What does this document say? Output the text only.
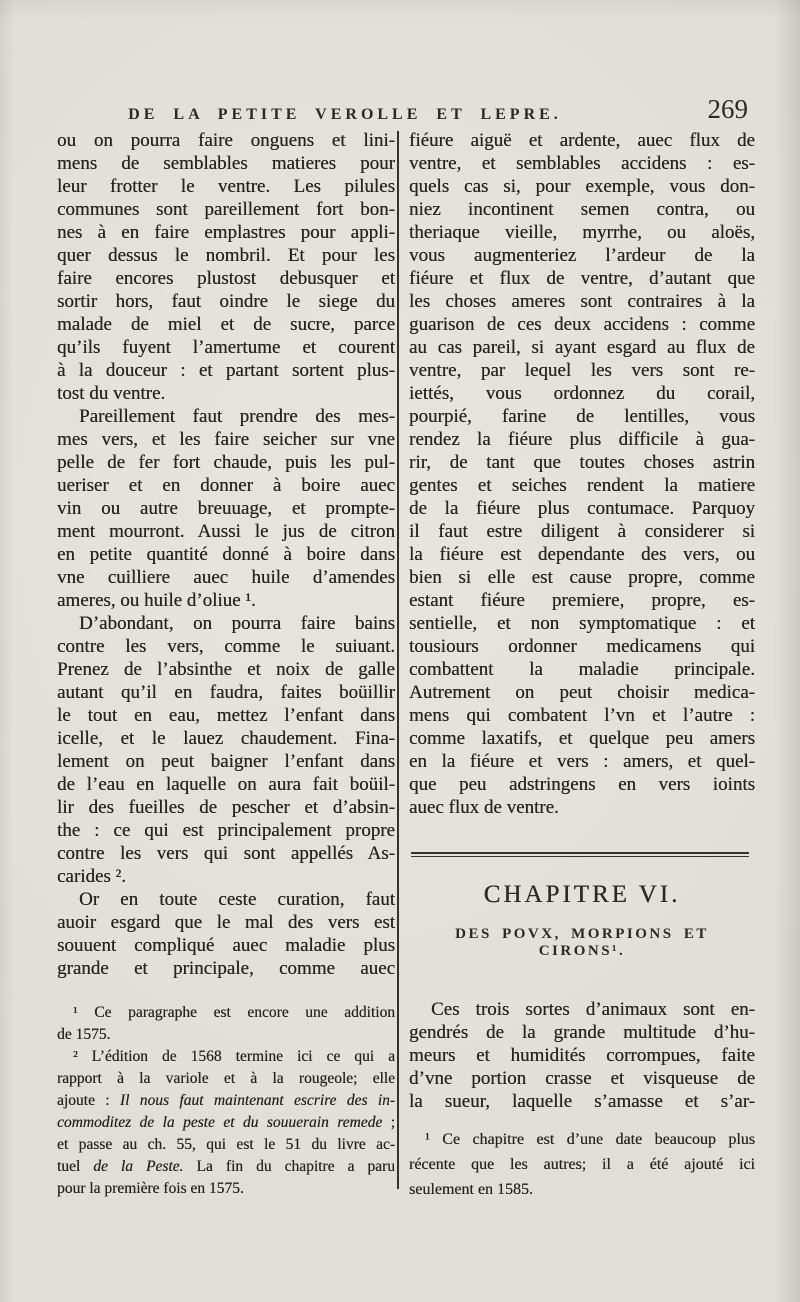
DE LA PETITE VEROLLE ET LEPRE.	269
ou on pourra faire onguens et lini-
mens de semblables matieres pour
leur frotter le ventre. Les pilules
communes sont pareillement fort bon-
nes à en faire emplastres pour appli-
quer dessus le nombril. Et pour les
faire encores plustost debusquer et
sortir hors, faut oindre le siege du
malade de miel et de sucre, parce
qu’ils fuyent l’amertume et courent
à la douceur : et partant sortent plus-
tost du ventre.
Pareillement faut prendre des mes-
mes vers, et les faire seicher sur vne
pelle de fer fort chaude, puis les pul-
ueriser et en donner à boire auec
vin ou autre breuuage, et prompte-
ment mourront. Aussi le jus de citron
en petite quantité donné à boire dans
vne cuilliere auec huile d’amendes
ameres, ou huile d’oliue ¹.
D’abondant, on pourra faire bains
contre les vers, comme le suiuant.
Prenez de l’absinthe et noix de galle
autant qu’il en faudra, faites boüillir
le tout en eau, mettez l’enfant dans
icelle, et le lauez chaudement. Fina-
lement on peut baigner l’enfant dans
de l’eau en laquelle on aura fait boüil-
lir des fueilles de pescher et d’absin-
the : ce qui est principalement propre
contre les vers qui sont appellés As-
carides ².
Or en toute ceste curation, faut
auoir esgard que le mal des vers est
souuent compliqué auec maladie plus
grande et principale, comme auec
¹ Ce paragraphe est encore une addition
de 1575.
² L’édition de 1568 termine ici ce qui a
rapport à la variole et à la rougeole; elle
ajoute : Il nous faut maintenant escrire des in-
commoditez de la peste et du souuerain remede ;
et passe au ch. 55, qui est le 51 du livre ac-
tuel de la Peste. La fin du chapitre a paru
pour la première fois en 1575.
fiéure aiguë et ardente, auec flux de
ventre, et semblables accidens : es-
quels cas si, pour exemple, vous don-
niez incontinent semen contra, ou
theriaque vieille, myrrhe, ou aloës,
vous augmenteriez l’ardeur de la
fiéure et flux de ventre, d’autant que
les choses ameres sont contraires à la
guarison de ces deux accidens : comme
au cas pareil, si ayant esgard au flux de
ventre, par lequel les vers sont re-
iettés, vous ordonnez du corail,
pourpié, farine de lentilles, vous
rendez la fiéure plus difficile à gua-
rir, de tant que toutes choses astrin
gentes et seiches rendent la matiere
de la fiéure plus contumace. Parquoy
il faut estre diligent à considerer si
la fiéure est dependante des vers, ou
bien si elle est cause propre, comme
estant fiéure premiere, propre, es-
sentielle, et non symptomatique : et
tousiours ordonner medicamens qui
combattent la maladie principale.
Autrement on peut choisir medica-
mens qui combatent l’vn et l’autre :
comme laxatifs, et quelque peu amers
en la fiéure et vers : amers, et quel-
que peu adstringens en vers ioints
auec flux de ventre.
CHAPITRE VI.
DES POVX, MORPIONS ET CIRONS¹.
Ces trois sortes d’animaux sont en-
gendrés de la grande multitude d’hu-
meurs et humidités corrompues, faite
d’vne portion crasse et visqueuse de
la sueur, laquelle s’amasse et s’ar-
¹ Ce chapitre est d’une date beaucoup plus
récente que les autres; il a été ajouté ici
seulement en 1585.
